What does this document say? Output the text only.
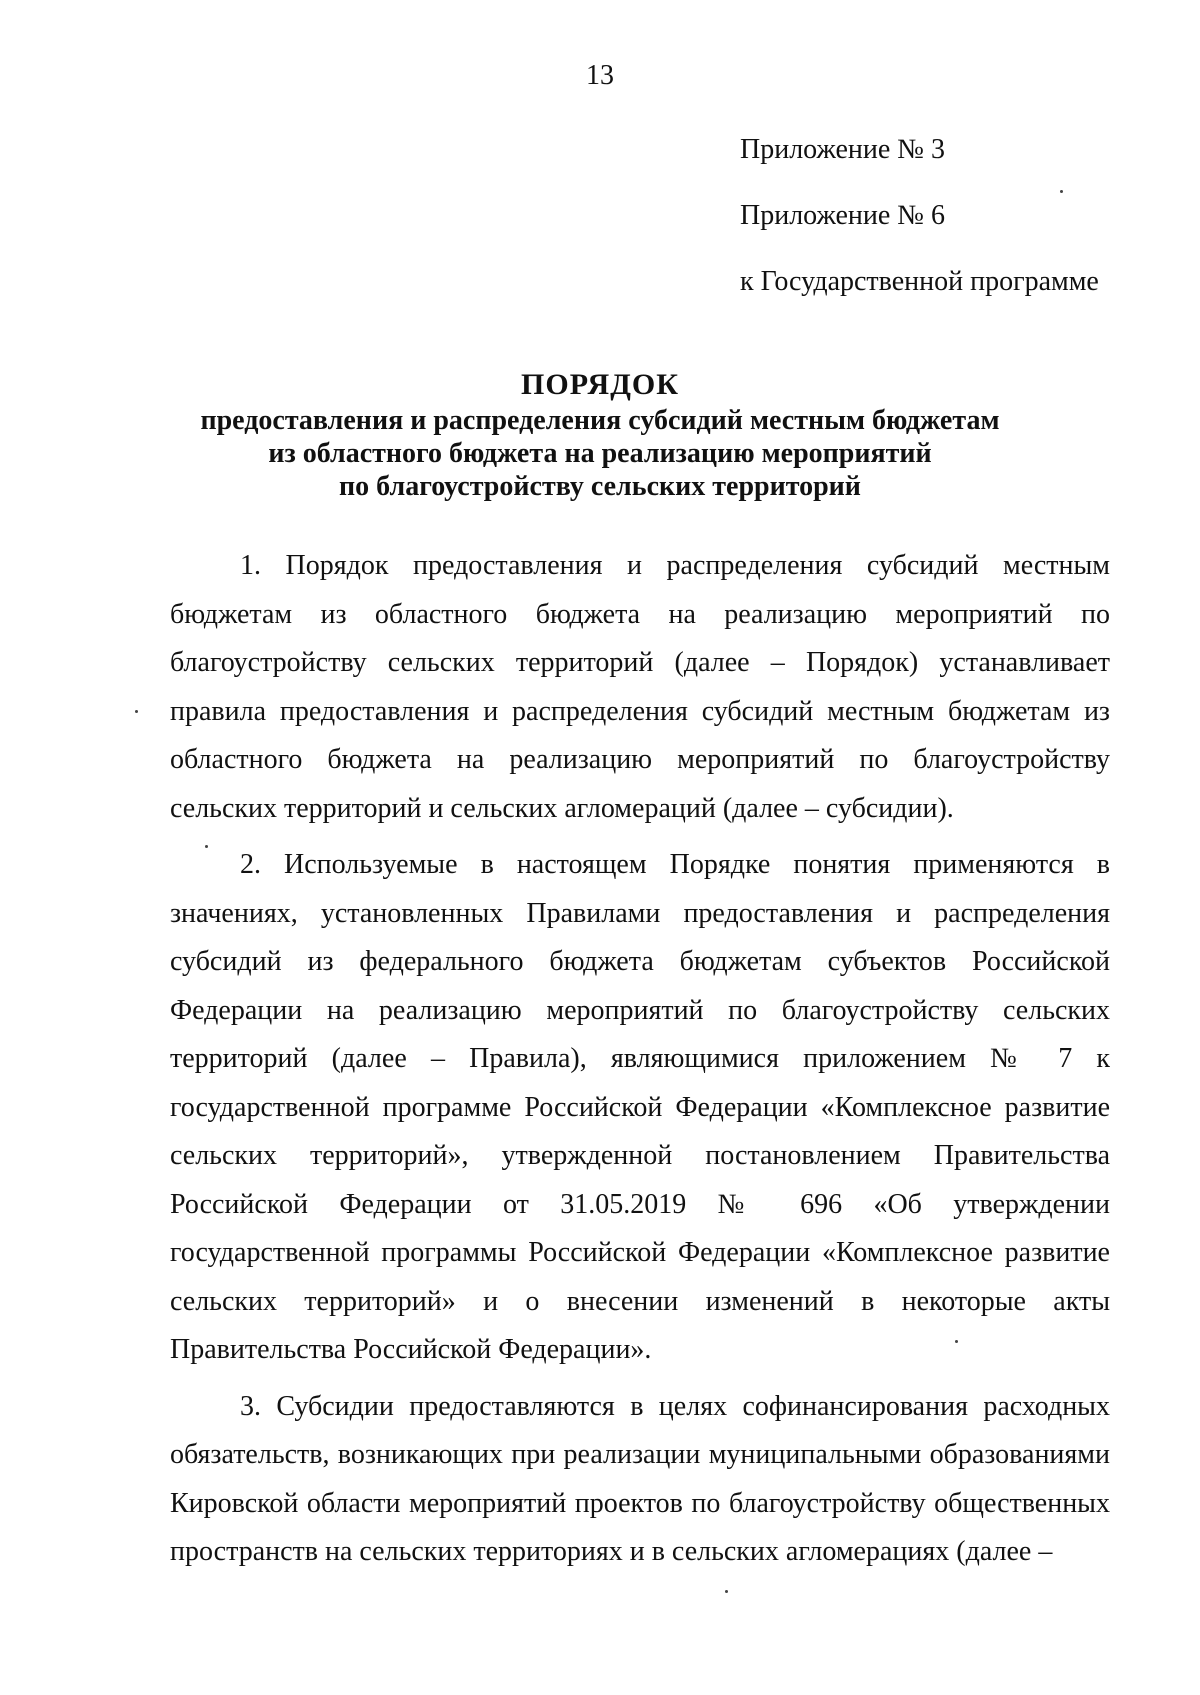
13
Приложение № 3
Приложение № 6
к Государственной программе
ПОРЯДОК
предоставления и распределения субсидий местным бюджетам
из областного бюджета на реализацию мероприятий
по благоустройству сельских территорий

1. Порядок предоставления и распределения субсидий местным бюджетам из областного бюджета на реализацию мероприятий по благоустройству сельских территорий (далее – Порядок) устанавливает правила предоставления и распределения субсидий местным бюджетам из областного бюджета на реализацию мероприятий по благоустройству сельских территорий и сельских агломераций (далее – субсидии).

2. Используемые в настоящем Порядке понятия применяются в значениях, установленных Правилами предоставления и распределения субсидий из федерального бюджета бюджетам субъектов Российской Федерации на реализацию мероприятий по благоустройству сельских территорий (далее – Правила), являющимися приложением № 7 к государственной программе Российской Федерации «Комплексное развитие сельских территорий», утвержденной постановлением Правительства Российской Федерации от 31.05.2019 № 696 «Об утверждении государственной программы Российской Федерации «Комплексное развитие сельских территорий» и о внесении изменений в некоторые акты Правительства Российской Федерации».

3. Субсидии предоставляются в целях софинансирования расходных обязательств, возникающих при реализации муниципальными образованиями Кировской области мероприятий проектов по благоустройству общественных пространств на сельских территориях и в сельских агломерациях (далее –
